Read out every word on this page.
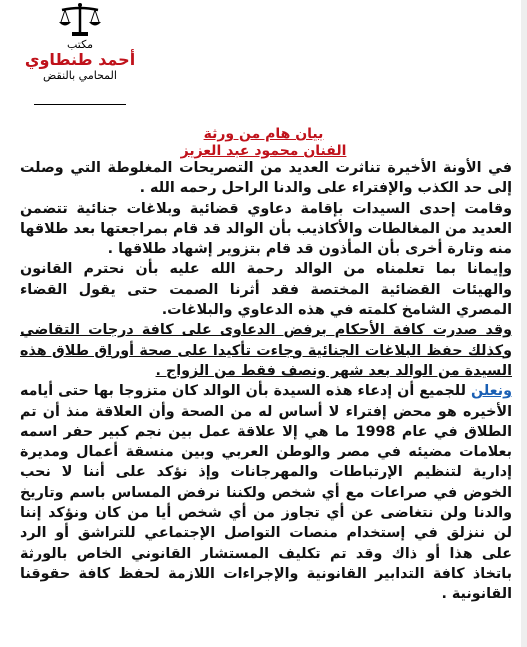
مكتب
أحمد طنطاوي
المحامي بالنقض
بيان هام من ورثة
الفنان محمود عبد العزيز

في الأونة الأخيرة تناثرت العديد من التصريحات المغلوطة التي وصلت إلى حد الكذب والإفتراء على والدنا الراحل رحمه الله .

وقامت إحدى السيدات بإقامة دعاوي قضائية وبلاغات جنائية تتضمن العديد من المغالطات والأكاذيب بأن الوالد قد قام بمراجعتها بعد طلاقها منه وتارة أخرى بأن المأذون قد قام بتزوير إشهاد طلاقها .

وإيمانا بما تعلمناه من الوالد رحمة الله عليه بأن نحترم القانون والهيئات القضائية المختصة فقد أثرنا الصمت حتى يقول القضاء المصري الشامخ كلمته في هذه الدعاوي والبلاغات.

وقد صدرت كافة الأحكام برفض الدعاوى على كافة درجات التقاضي وكذلك حفظ البلاغات الجنائية وجاءت تأكيدا على صحة أوراق طلاق هذه السيدة من الوالد بعد شهر ونصف فقط من الزواج .

ونعلن للجميع أن إدعاء هذه السيدة بأن الوالد كان متزوجا بها حتى أيامه الأخيره هو محض إفتراء لا أساس له من الصحة وأن العلاقة منذ أن تم الطلاق في عام 1998 ما هي إلا علاقة عمل بين نجم كبير حفر اسمه بعلامات مضيئه في مصر والوطن العربي وبين منسقة أعمال ومديرة إدارية لتنظيم الإرتباطات والمهرجانات وإذ نؤكد على أننا لا نحب الخوض في صراعات مع أي شخص ولكننا نرفض المساس باسم وتاريخ والدنا ولن نتغاضى عن أي تجاوز من أي شخص أيا من كان ونؤكد إننا لن ننزلق في إستخدام منصات التواصل الإجتماعي للتراشق أو الرد على هذا أو ذاك وقد تم تكليف المستشار القانوني الخاص بالورثة باتخاذ كافة التدابير القانونية والإجراءات اللازمة لحفظ كافة حقوقنا القانونية .
